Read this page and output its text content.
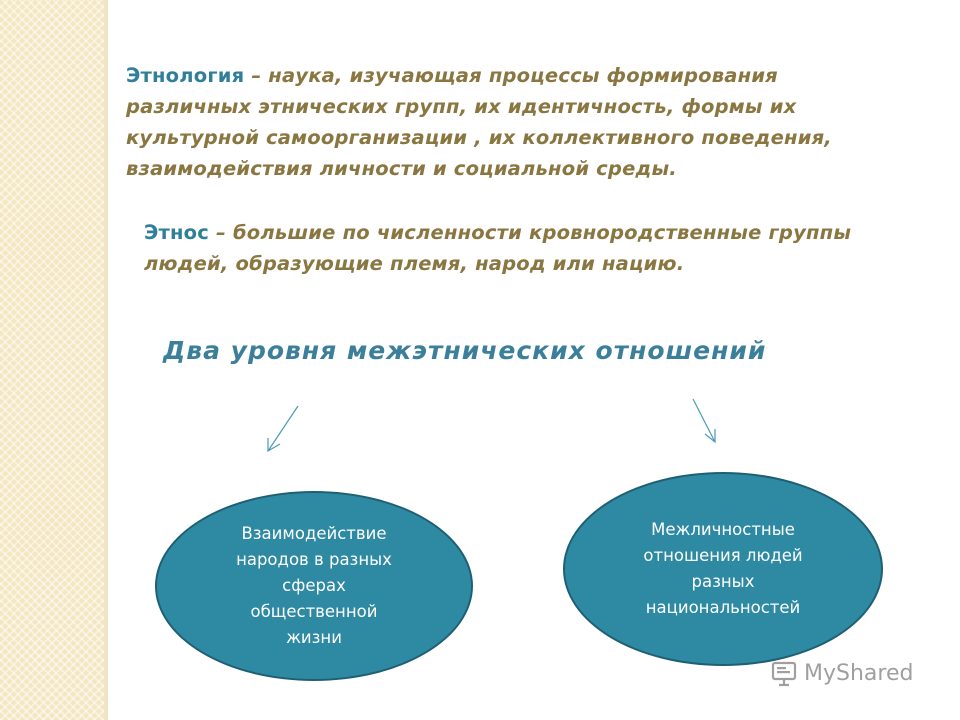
Этнология – наука, изучающая процессы формирования различных этнических групп, их идентичность, формы их культурной самоорганизации , их коллективного поведения, взаимодействия личности и социальной среды.

Этнос – большие по численности кровнородственные группы людей, образующие племя, народ или нацию.

Два уровня межэтнических отношений
Взаимодействие народов в разных сферах общественной жизни
Межличностные отношения людей разных национальностей
MyShared
